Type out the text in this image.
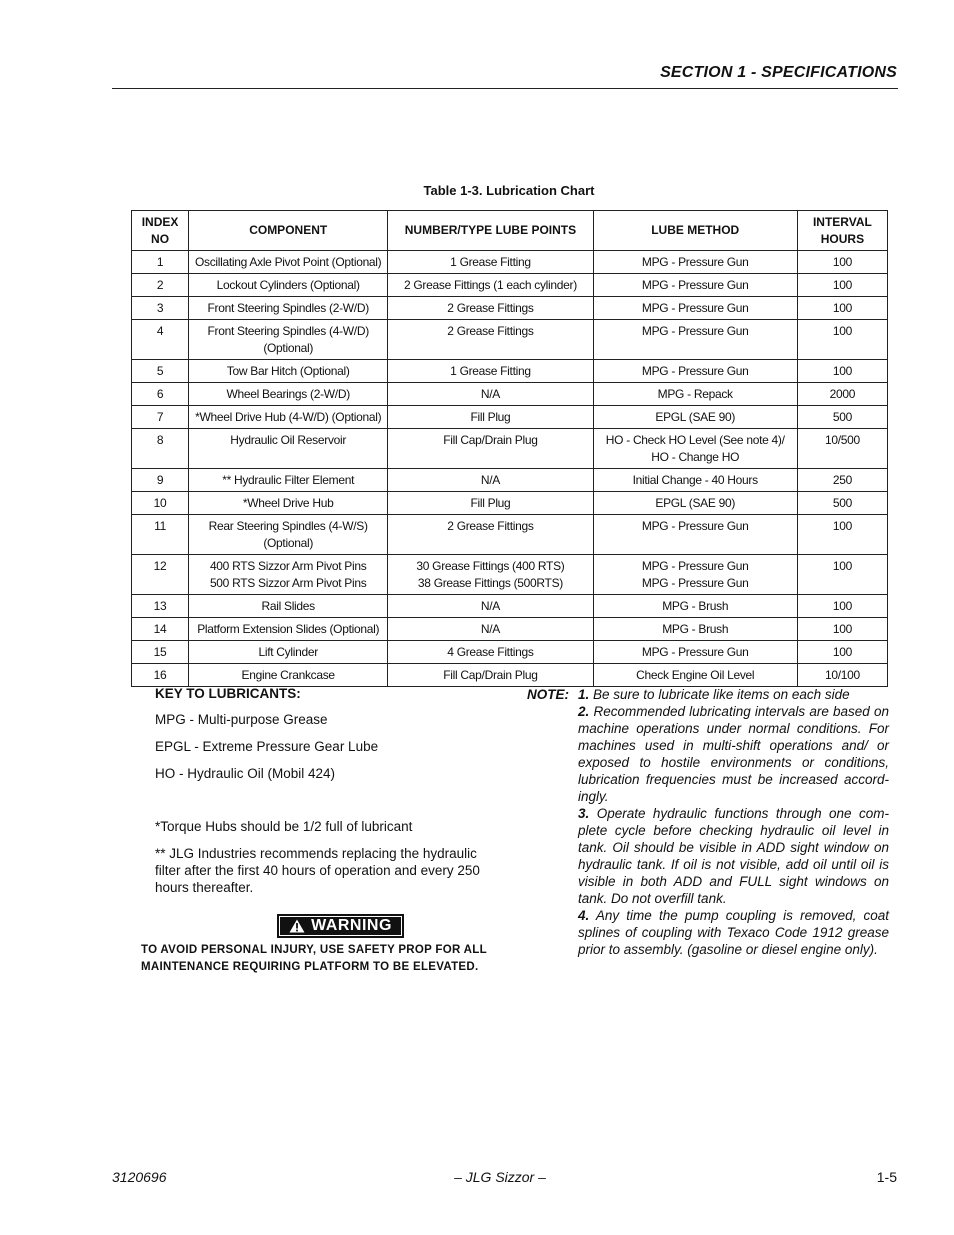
SECTION 1 - SPECIFICATIONS
Table 1-3. Lubrication Chart
INDEX
NO	COMPONENT	NUMBER/TYPE LUBE POINTS	LUBE METHOD	INTERVAL
HOURS
1	Oscillating Axle Pivot Point (Optional)	1 Grease Fitting	MPG - Pressure Gun	100
2	Lockout Cylinders (Optional)	2 Grease Fittings (1 each cylinder)	MPG - Pressure Gun	100
3	Front Steering Spindles (2-W/D)	2 Grease Fittings	MPG - Pressure Gun	100
4	Front Steering Spindles (4-W/D)
(Optional)	2 Grease Fittings	MPG - Pressure Gun	100
5	Tow Bar Hitch (Optional)	1 Grease Fitting	MPG - Pressure Gun	100
6	Wheel Bearings (2-W/D)	N/A	MPG - Repack	2000
7	*Wheel Drive Hub (4-W/D) (Optional)	Fill Plug	EPGL (SAE 90)	500
8	Hydraulic Oil Reservoir	Fill Cap/Drain Plug	HO - Check HO Level (See note 4)/
HO - Change HO	10/500
9	** Hydraulic Filter Element	N/A	Initial Change - 40 Hours	250
10	*Wheel Drive Hub	Fill Plug	EPGL (SAE 90)	500
11	Rear Steering Spindles (4-W/S)
(Optional)	2 Grease Fittings	MPG - Pressure Gun	100
12	400 RTS Sizzor Arm Pivot Pins
500 RTS Sizzor Arm Pivot Pins	30 Grease Fittings (400 RTS)
38 Grease Fittings (500RTS)	MPG - Pressure Gun
MPG - Pressure Gun	100
13	Rail Slides	N/A	MPG - Brush	100
14	Platform Extension Slides (Optional)	N/A	MPG - Brush	100
15	Lift Cylinder	4 Grease Fittings	MPG - Pressure Gun	100
16	Engine Crankcase	Fill Cap/Drain Plug	Check Engine Oil Level	10/100
KEY TO LUBRICANTS:
MPG - Multi-purpose Grease
EPGL - Extreme Pressure Gear Lube
HO - Hydraulic Oil (Mobil 424)

*Torque Hubs should be 1/2 full of lubricant

** JLG Industries recommends replacing the hydraulic filter after the first 40 hours of operation and every 250 hours thereafter.

WARNING
TO AVOID PERSONAL INJURY, USE SAFETY PROP FOR ALL MAINTENANCE REQUIRING PLATFORM TO BE ELEVATED.
NOTE: 1. Be sure to lubricate like items on each side

2. Recommended lubricating intervals are based on machine operations under normal conditions. For machines used in multi-shift operations and/ or exposed to hostile environments or conditions, lubrication frequencies must be increased accord-ingly.

3. Operate hydraulic functions through one com-plete cycle before checking hydraulic oil level in tank. Oil should be visible in ADD sight window on hydraulic tank. If oil is not visible, add oil until oil is visible in both ADD and FULL sight windows on tank. Do not overfill tank.

4. Any time the pump coupling is removed, coat splines of coupling with Texaco Code 1912 grease prior to assembly. (gasoline or diesel engine only).

3120696	– JLG Sizzor –	1-5
